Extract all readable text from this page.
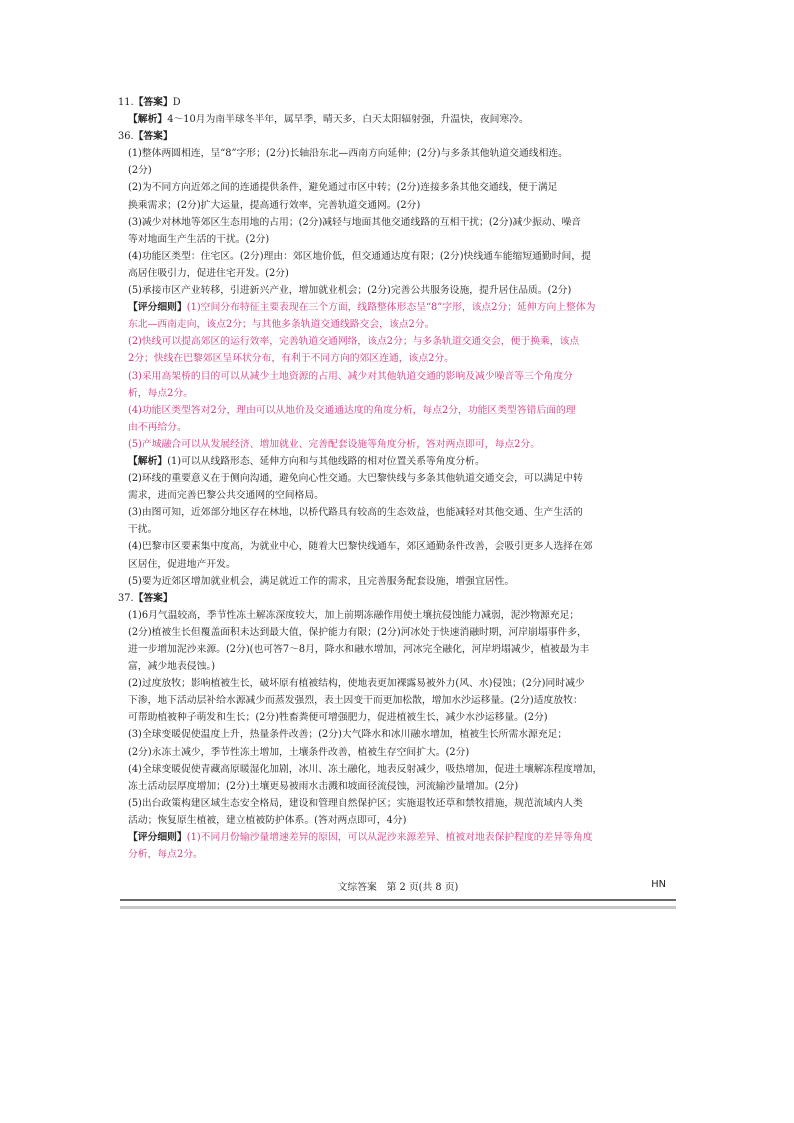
11.【答案】D
【解析】4～10月为南半球冬半年，属旱季，晴天多，白天太阳辐射强，升温快，夜间寒冷。
36.【答案】
(1)整体两圆相连，呈“8”字形；(2分)长轴沿东北—西南方向延伸；(2分)与多条其他轨道交通线相连。
(2分)
(2)为不同方向近郊之间的连通提供条件，避免通过市区中转；(2分)连接多条其他交通线，便于满足
换乘需求；(2分)扩大运量，提高通行效率，完善轨道交通网。(2分)
(3)减少对林地等郊区生态用地的占用；(2分)减轻与地面其他交通线路的互相干扰；(2分)减少振动、噪音
等对地面生产生活的干扰。(2分)
(4)功能区类型：住宅区。(2分)理由：郊区地价低，但交通通达度有限；(2分)快线通车能缩短通勤时间，提
高居住吸引力，促进住宅开发。(2分)
(5)承接市区产业转移，引进新兴产业，增加就业机会；(2分)完善公共服务设施，提升居住品质。(2分)
【评分细则】(1)空间分布特征主要表现在三个方面，线路整体形态呈“8”字形，该点2分；延伸方向上整体为
东北—西南走向，该点2分；与其他多条轨道交通线路交会，该点2分。
(2)快线可以提高郊区的运行效率，完善轨道交通网络，该点2分；与多条轨道交通交会，便于换乘，该点
2分；快线在巴黎郊区呈环状分布，有利于不同方向的郊区连通，该点2分。
(3)采用高架桥的目的可以从减少土地资源的占用、减少对其他轨道交通的影响及减少噪音等三个角度分
析，每点2分。
(4)功能区类型答对2分，理由可以从地价及交通通达度的角度分析，每点2分，功能区类型答错后面的理
由不再给分。
(5)产城融合可以从发展经济、增加就业、完善配套设施等角度分析，答对两点即可，每点2分。
【解析】(1)可以从线路形态、延伸方向和与其他线路的相对位置关系等角度分析。
(2)环线的重要意义在于侧向沟通，避免向心性交通。大巴黎快线与多条其他轨道交通交会，可以满足中转
需求，进而完善巴黎公共交通网的空间格局。
(3)由图可知，近郊部分地区存在林地，以桥代路具有较高的生态效益，也能减轻对其他交通、生产生活的
干扰。
(4)巴黎市区要素集中度高，为就业中心，随着大巴黎快线通车，郊区通勤条件改善，会吸引更多人选择在郊
区居住，促进地产开发。
(5)要为近郊区增加就业机会，满足就近工作的需求，且完善服务配套设施，增强宜居性。
37.【答案】
(1)6月气温较高，季节性冻土解冻深度较大，加上前期冻融作用使土壤抗侵蚀能力减弱，泥沙物源充足；
(2分)植被生长但覆盖面积未达到最大值，保护能力有限；(2分)河冰处于快速消融时期，河岸崩塌事件多，
进一步增加泥沙来源。(2分)(也可答7～8月，降水和融水增加，河冰完全融化，河岸坍塌减少，植被最为丰
富，减少地表侵蚀。)
(2)过度放牧；影响植被生长，破坏原有植被结构，使地表更加裸露易被外力(风、水)侵蚀；(2分)同时减少
下渗，地下活动层补给水源减少而蒸发强烈，表土因变干而更加松散，增加水沙运移量。(2分)适度放牧：
可帮助植被种子萌发和生长；(2分)牲畜粪便可增强肥力，促进植被生长，减少水沙运移量。(2分)
(3)全球变暖促使温度上升，热量条件改善；(2分)大气降水和冰川融水增加，植被生长所需水源充足；
(2分)永冻土减少，季节性冻土增加，土壤条件改善，植被生存空间扩大。(2分)
(4)全球变暖促使青藏高原暖湿化加剧，冰川、冻土融化，地表反射减少，吸热增加，促进土壤解冻程度增加，
冻土活动层厚度增加；(2分)土壤更易被雨水击溅和坡面径流侵蚀，河流输沙量增加。(2分)
(5)出台政策构建区域生态安全格局，建设和管理自然保护区；实施退牧还草和禁牧措施，规范流域内人类
活动；恢复原生植被，建立植被防护体系。(答对两点即可，4分)
【评分细则】(1)不同月份输沙量增速差异的原因，可以从泥沙来源差异、植被对地表保护程度的差异等角度
分析，每点2分。
文综答案　第 2 页(共 8 页)	HN
